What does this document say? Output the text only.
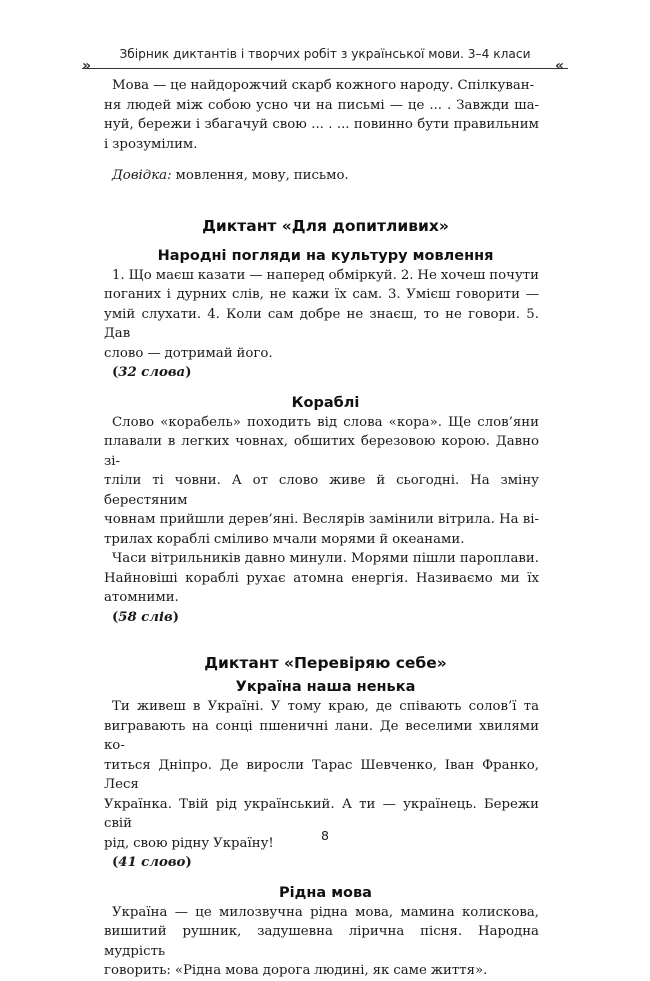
Збірник диктантів і творчих робіт з української мови. 3–4 класи
»	«

Мова — це найдорожчий скарб кожного народу. Спілкуван-

ня людей між собою усно чи на письмі — це ... . Завжди ша-

нуй, бережи і збагачуй свою ... . ... повинно бути правильним

і зрозумілим.

Довідка: мовлення, мову, письмо.

Диктант «Для допитливих»
Народні погляди на культуру мовлення

1. Що маєш казати — наперед обміркуй. 2. Не хочеш почути

поганих і дурних слів, не кажи їх сам. 3. Умієш говорити —

умій слухати. 4. Коли сам добре не знаєш, то не говори. 5. Дав

слово — дотримай його.

(32 слова)

Кораблі

Слово «корабель» походить від слова «кора». Ще слов’яни

плавали в легких човнах, обшитих березовою корою. Давно зі-

тліли ті човни. А от слово живе й сьогодні. На зміну берестяним

човнам прийшли дерев’яні. Веслярів замінили вітрила. На ві-

трилах кораблі сміливо мчали морями й океанами.

Часи вітрильників давно минули. Морями пішли пароплави.

Найновіші кораблі рухає атомна енергія. Називаємо ми їх

атомними.

(58 слів)

Диктант «Перевіряю себе»
Україна наша ненька

Ти живеш в Україні. У тому краю, де співають солов’ї та

вигравають на сонці пшеничні лани. Де веселими хвилями ко-

титься Дніпро. Де виросли Тарас Шевченко, Іван Франко, Леся

Українка. Твій рід український. А ти — українець. Бережи свій

рід, свою рідну Україну!

(41 слово)

Рідна мова

Україна — це милозвучна рідна мова, мамина колискова,

вишитий рушник, задушевна лірична пісня. Народна мудрість

говорить: «Рідна мова дорога людині, як саме життя».

8
